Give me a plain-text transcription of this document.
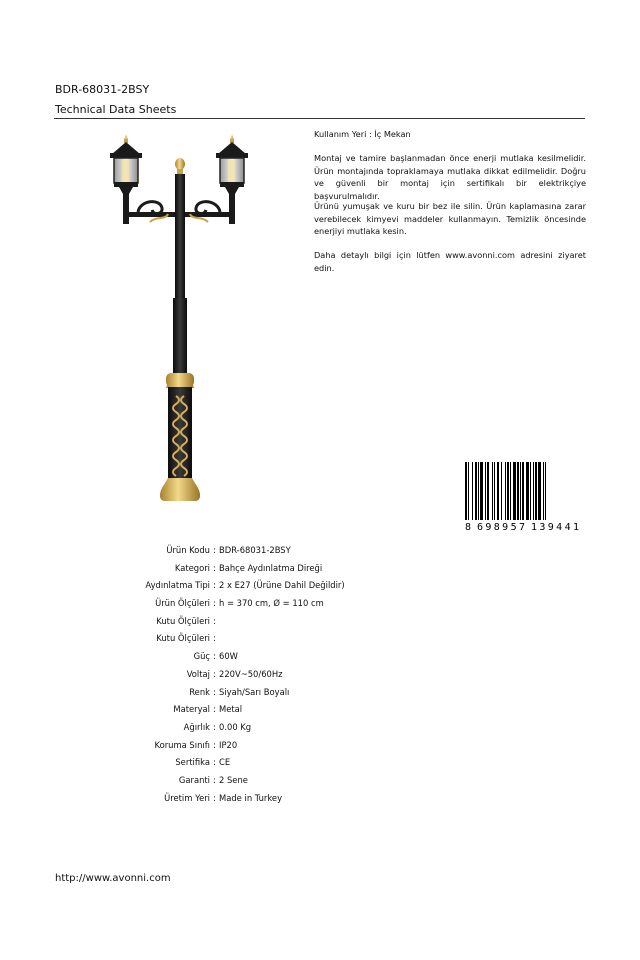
BDR-68031-2BSY
Technical Data Sheets
Kullanım Yeri : İç Mekan
Montaj ve tamire başlanmadan önce enerji mutlaka kesilmelidir. Ürün montajında topraklamaya mutlaka dikkat edilmelidir. Doğru ve güvenli bir montaj için sertifikalı bir elektrikçiye başvurulmalıdır.
Ürünü yumuşak ve kuru bir bez ile silin. Ürün kaplamasına zarar verebilecek kimyevi maddeler kullanmayın. Temizlik öncesinde enerjiyi mutlaka kesin.
Daha detaylı bilgi için lütfen www.avonni.com adresini ziyaret edin.
8 698957 139441
Ürün Kodu : BDR-68031-2BSY
Kategori : Bahçe Aydınlatma Direği
Aydınlatma Tipi : 2 x E27 (Ürüne Dahil Değildir)
Ürün Ölçüleri : h = 370 cm, Ø = 110 cm
Kutu Ölçüleri :
Kutu Ölçüleri :
Güç : 60W
Voltaj : 220V~50/60Hz
Renk : Siyah/Sarı Boyalı
Materyal : Metal
Ağırlık : 0.00 Kg
Koruma Sınıfı : IP20
Sertifika : CE
Garanti : 2 Sene
Üretim Yeri : Made in Turkey
http://www.avonni.com
